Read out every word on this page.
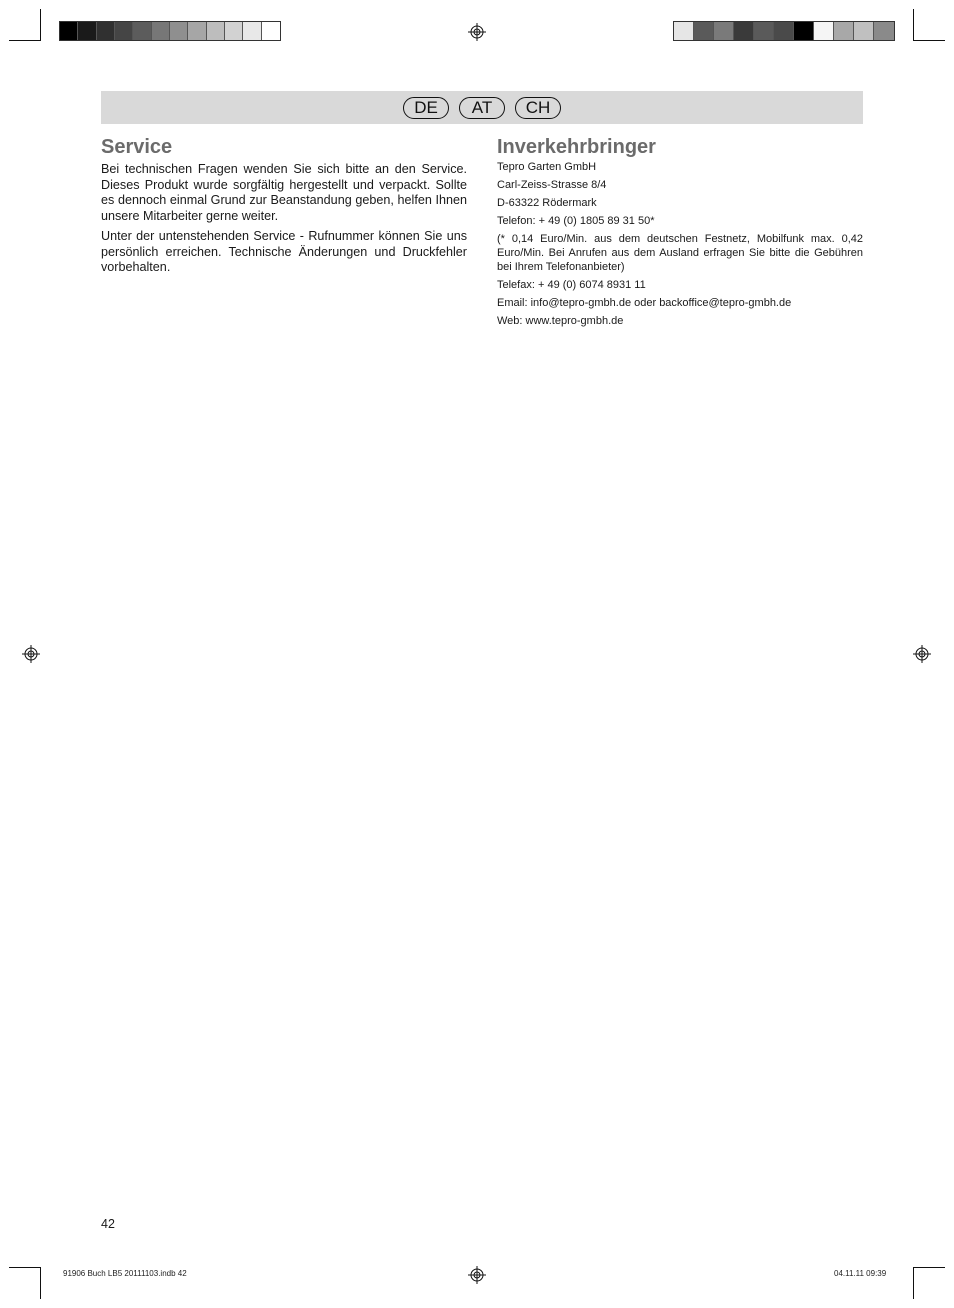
DE	AT	CH
Service

Bei technischen Fragen wenden Sie sich bitte an den Service. Dieses Produkt wurde sorgfältig hergestellt und verpackt. Sollte es dennoch einmal Grund zur Beanstandung geben, helfen Ihnen unsere Mitarbeiter gerne weiter.

Unter der untenstehenden Service - Rufnummer können Sie uns persönlich erreichen. Technische Änderungen und Druckfehler vorbehalten.

Inverkehrbringer
Tepro Garten GmbH
Carl-Zeiss-Strasse 8/4
D-63322 Rödermark
Telefon: + 49 (0) 1805 89 31 50*
(* 0,14 Euro/Min. aus dem deutschen Festnetz, Mobilfunk max. 0,42 Euro/Min. Bei Anrufen aus dem Ausland erfragen Sie bitte die Gebühren bei Ihrem Telefonanbieter)
Telefax: + 49 (0) 6074 8931 11
Email: info@tepro-gmbh.de oder backoffice@tepro-gmbh.de
Web: www.tepro-gmbh.de
42
91906 Buch LB5 20111103.indb 42	04.11.11 09:39
